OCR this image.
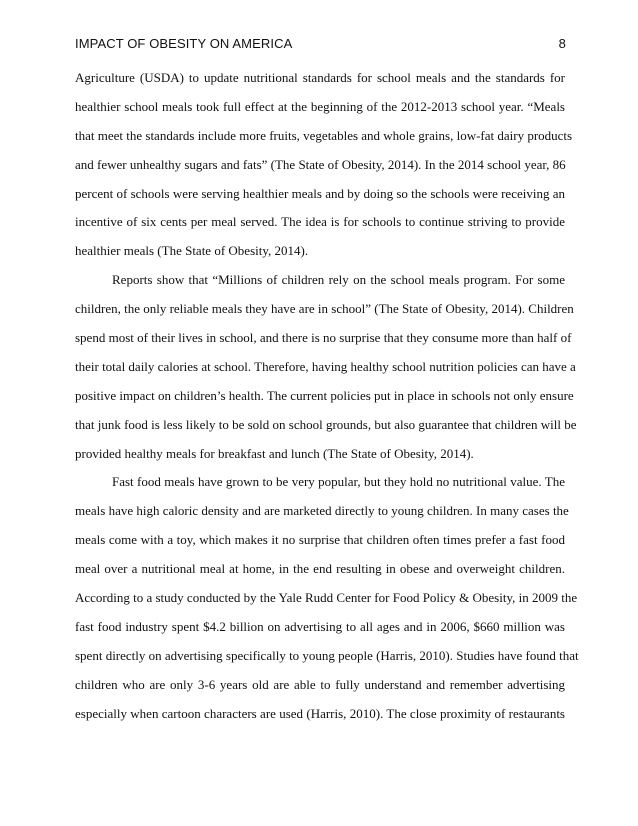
IMPACT OF OBESITY ON AMERICA	8
Agriculture (USDA) to update nutritional standards for school meals and the standards for
healthier school meals took full effect at the beginning of the 2012-2013 school year. “Meals
that meet the standards include more fruits, vegetables and whole grains, low-fat dairy products
and fewer unhealthy sugars and fats” (The State of Obesity, 2014). In the 2014 school year, 86
percent of schools were serving healthier meals and by doing so the schools were receiving an
incentive of six cents per meal served. The idea is for schools to continue striving to provide
healthier meals (The State of Obesity, 2014).
Reports show that “Millions of children rely on the school meals program. For some
children, the only reliable meals they have are in school” (The State of Obesity, 2014). Children
spend most of their lives in school, and there is no surprise that they consume more than half of
their total daily calories at school. Therefore, having healthy school nutrition policies can have a
positive impact on children’s health. The current policies put in place in schools not only ensure
that junk food is less likely to be sold on school grounds, but also guarantee that children will be
provided healthy meals for breakfast and lunch (The State of Obesity, 2014).
Fast food meals have grown to be very popular, but they hold no nutritional value. The
meals have high caloric density and are marketed directly to young children. In many cases the
meals come with a toy, which makes it no surprise that children often times prefer a fast food
meal over a nutritional meal at home, in the end resulting in obese and overweight children.
According to a study conducted by the Yale Rudd Center for Food Policy & Obesity, in 2009 the
fast food industry spent $4.2 billion on advertising to all ages and in 2006, $660 million was
spent directly on advertising specifically to young people (Harris, 2010). Studies have found that
children who are only 3-6 years old are able to fully understand and remember advertising
especially when cartoon characters are used (Harris, 2010). The close proximity of restaurants
